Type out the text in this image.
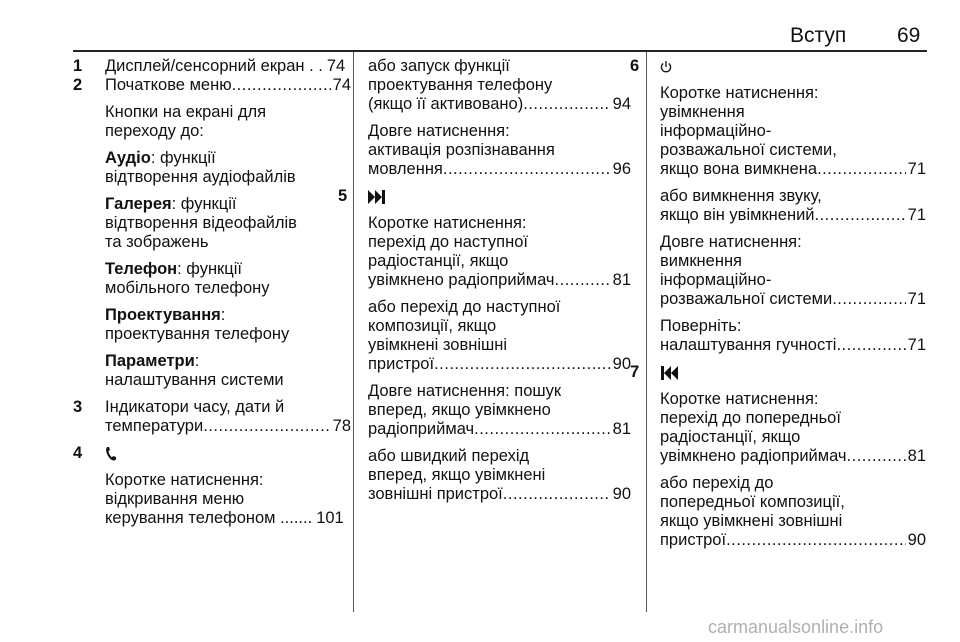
Вступ 69
1 Дисплей/сенсорний екран . . 74
2 Початкове меню .....	74
Кнопки на екрані для
переходу до:
Аудіо: функції
відтворення аудіофайлів
Галерея: функції
відтворення відеофайлів
та зображень
Телефон: функції
мобільного телефону
Проектування:
проектування телефону
Параметри:
налаштування системи
3 Індикатори часу, дати й
температури .....	78
4
Коротке натиснення:
відкривання меню
керування телефоном ....... 101
або запуск функції
проектування телефону
(якщо її активовано) .....	94
Довге натиснення:
активація розпізнавання
мовлення .....	96
5
Коротке натиснення:
перехід до наступної
радіостанції, якщо
увімкнено радіоприймач .....	81
або перехід до наступної
композиції, якщо
увімкнені зовнішні
пристрої .....	90
Довге натиснення: пошук
вперед, якщо увімкнено
радіоприймач .....	81
або швидкий перехід
вперед, якщо увімкнені
зовнішні пристрої .....	90
6
Коротке натиснення:
увімкнення
інформаційно-
розважальної системи,
якщо вона вимкнена .....	71
або вимкнення звуку,
якщо він увімкнений .....	71
Довге натиснення:
вимкнення
інформаційно-
розважальної системи .....	71
Поверніть:
налаштування гучності .....	71
7
Коротке натиснення:
перехід до попередньої
радіостанції, якщо
увімкнено радіоприймач .....	81
або перехід до
попередньої композиції,
якщо увімкнені зовнішні
пристрої .....	90
carmanualsonline.info
